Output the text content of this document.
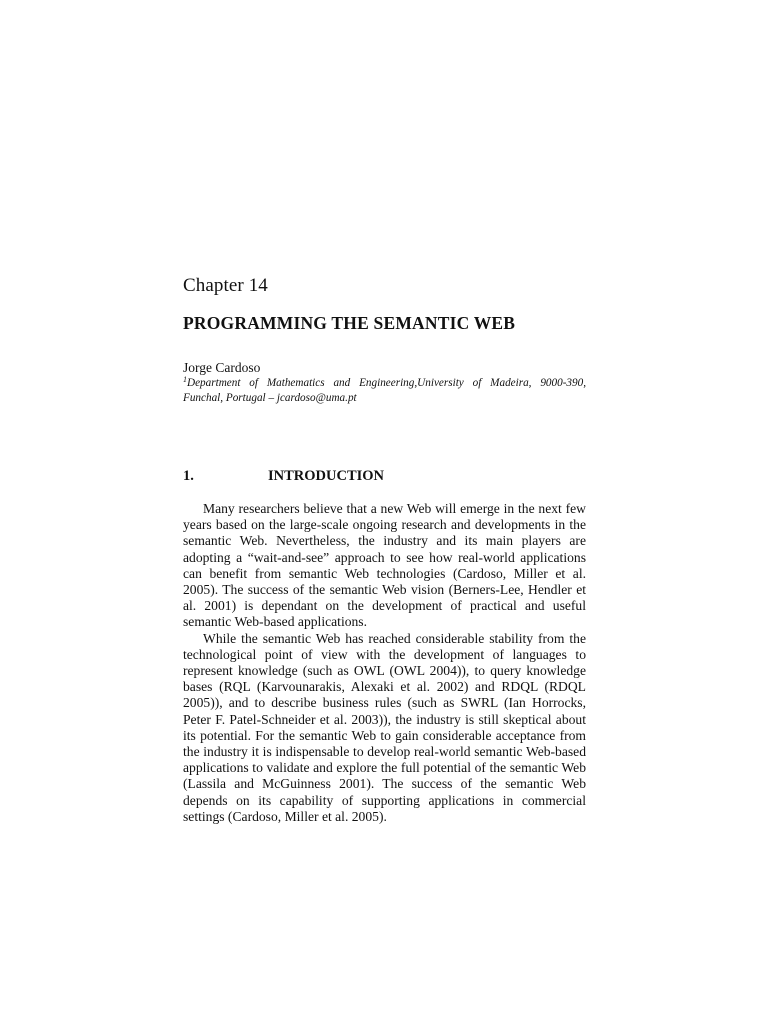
Chapter 14
PROGRAMMING THE SEMANTIC WEB
Jorge Cardoso
$^1$Department of Mathematics and Engineering,University of Madeira, 9000-390, Funchal, Portugal – jcardoso@uma.pt
1.	INTRODUCTION

Many researchers believe that a new Web will emerge in the next few years based on the large-scale ongoing research and developments in the semantic Web. Nevertheless, the industry and its main players are adopting a “wait-and-see” approach to see how real-world applications can benefit from semantic Web technologies (Cardoso, Miller et al. 2005). The success of the semantic Web vision (Berners-Lee, Hendler et al. 2001) is dependant on the development of practical and useful semantic Web-based applications.

While the semantic Web has reached considerable stability from the technological point of view with the development of languages to represent knowledge (such as OWL (OWL 2004)), to query knowledge bases (RQL (Karvounarakis, Alexaki et al. 2002) and RDQL (RDQL 2005)), and to describe business rules (such as SWRL (Ian Horrocks, Peter F. Patel-Schneider et al. 2003)), the industry is still skeptical about its potential. For the semantic Web to gain considerable acceptance from the industry it is indispensable to develop real-world semantic Web-based applications to validate and explore the full potential of the semantic Web (Lassila and McGuinness 2001). The success of the semantic Web depends on its capability of supporting applications in commercial settings (Cardoso, Miller et al. 2005).
